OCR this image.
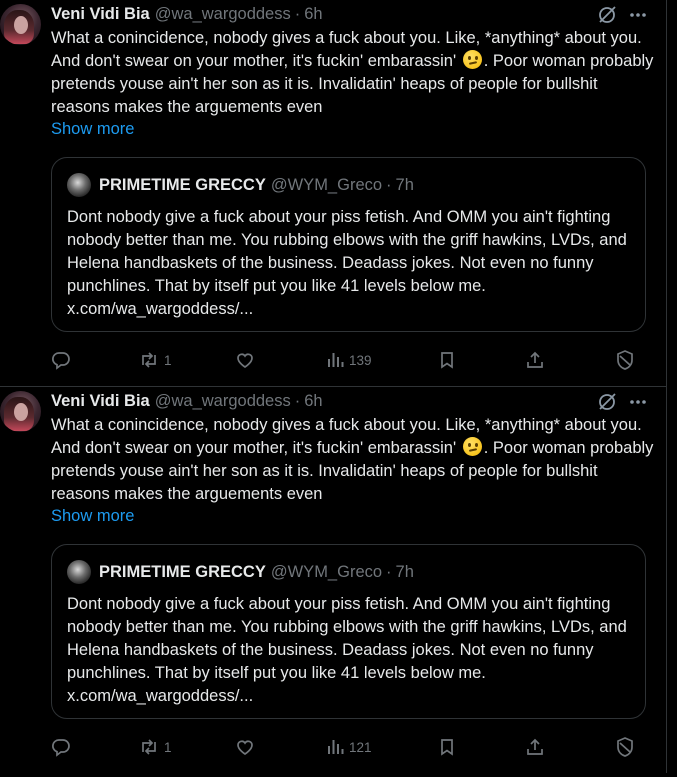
Veni Vidi Bia @wa_wargoddess · 6h
What a conincidence, nobody gives a fuck about you. Like, *anything* about you. And don't swear on your mother, it's fuckin' embarassin' . Poor woman probably pretends youse ain't her son as it is. Invalidatin' heaps of people for bullshit reasons makes the arguements even
Show more
PRIMETIME GRECCY @WYM_Greco · 7h
Dont nobody give a fuck about your piss fetish. And OMM you ain't fighting nobody better than me. You rubbing elbows with the griff hawkins, LVDs, and Helena handbaskets of the business. Deadass jokes. Not even no funny punchlines. That by itself put you like 41 levels below me. x.com/wa_wargoddess/...
1	139
Veni Vidi Bia @wa_wargoddess · 6h
What a conincidence, nobody gives a fuck about you. Like, *anything* about you. And don't swear on your mother, it's fuckin' embarassin' . Poor woman probably pretends youse ain't her son as it is. Invalidatin' heaps of people for bullshit reasons makes the arguements even
Show more
PRIMETIME GRECCY @WYM_Greco · 7h
Dont nobody give a fuck about your piss fetish. And OMM you ain't fighting nobody better than me. You rubbing elbows with the griff hawkins, LVDs, and Helena handbaskets of the business. Deadass jokes. Not even no funny punchlines. That by itself put you like 41 levels below me. x.com/wa_wargoddess/...
1	121
